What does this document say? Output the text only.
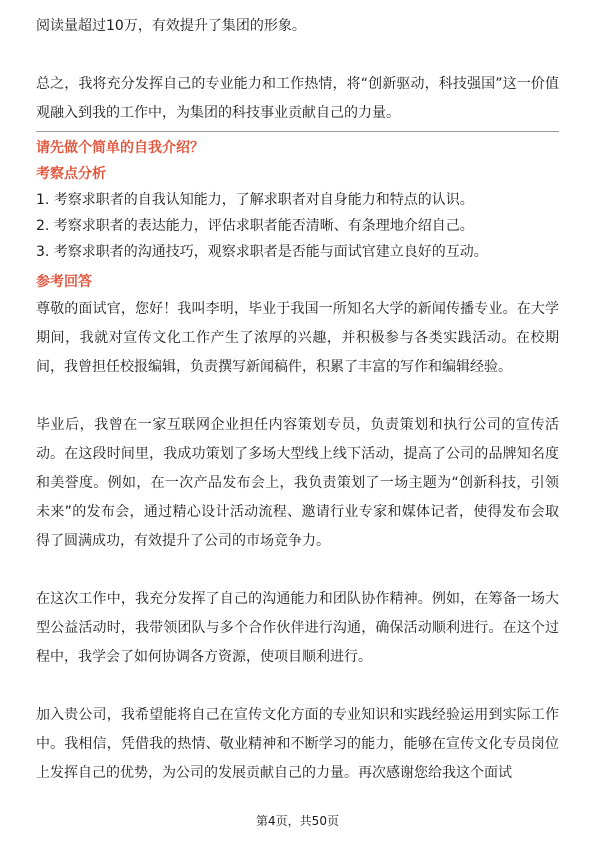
阅读量超过10万，有效提升了集团的形象。

总之，我将充分发挥自己的专业能力和工作热情，将“创新驱动，科技强国”这一价值观融入到我的工作中，为集团的科技事业贡献自己的力量。

请先做个简单的自我介绍？

考察点分析

1. 考察求职者的自我认知能力，了解求职者对自身能力和特点的认识。

2. 考察求职者的表达能力，评估求职者能否清晰、有条理地介绍自己。

3. 考察求职者的沟通技巧，观察求职者是否能与面试官建立良好的互动。

参考回答

尊敬的面试官，您好！我叫李明，毕业于我国一所知名大学的新闻传播专业。在大学期间，我就对宣传文化工作产生了浓厚的兴趣，并积极参与各类实践活动。在校期间，我曾担任校报编辑，负责撰写新闻稿件，积累了丰富的写作和编辑经验。

毕业后，我曾在一家互联网企业担任内容策划专员，负责策划和执行公司的宣传活动。在这段时间里，我成功策划了多场大型线上线下活动，提高了公司的品牌知名度和美誉度。例如，在一次产品发布会上，我负责策划了一场主题为“创新科技，引领未来”的发布会，通过精心设计活动流程、邀请行业专家和媒体记者，使得发布会取得了圆满成功，有效提升了公司的市场竞争力。

在这次工作中，我充分发挥了自己的沟通能力和团队协作精神。例如，在筹备一场大型公益活动时，我带领团队与多个合作伙伴进行沟通，确保活动顺利进行。在这个过程中，我学会了如何协调各方资源，使项目顺利进行。

加入贵公司，我希望能将自己在宣传文化方面的专业知识和实践经验运用到实际工作中。我相信，凭借我的热情、敬业精神和不断学习的能力，能够在宣传文化专员岗位上发挥自己的优势，为公司的发展贡献自己的力量。再次感谢您给我这个面试

第4页，共50页
